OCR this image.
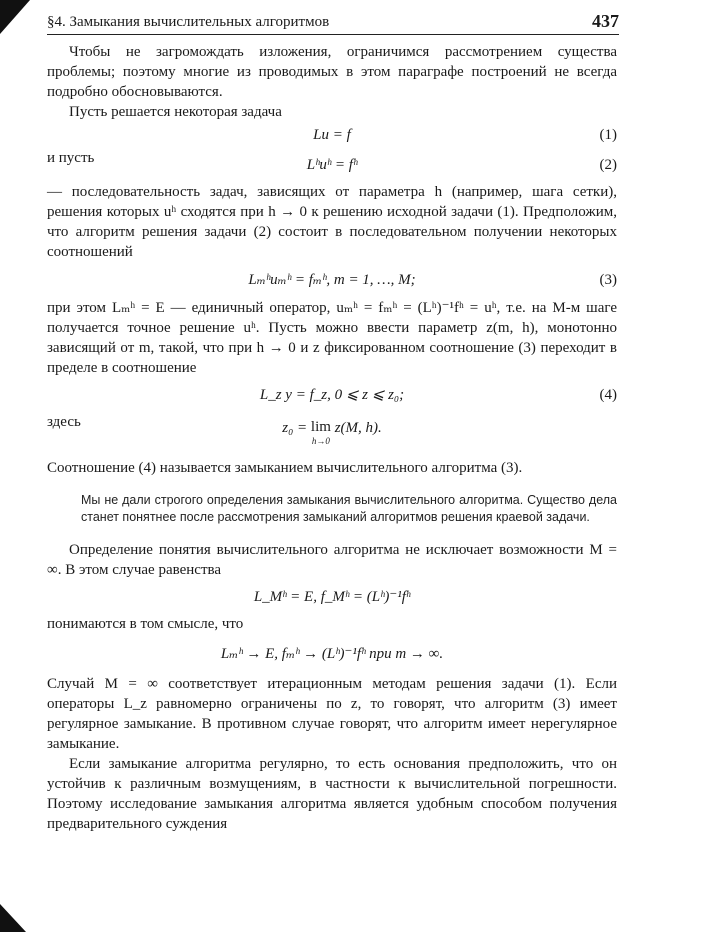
§4. Замыкания вычислительных алгоритмов	437

Чтобы не загромождать изложения, ограничимся рассмотрением существа проблемы; поэтому многие из проводимых в этом параграфе построений не всегда подробно обосновываются.

Пусть решается некоторая задача

Lu = f	(1)
и пусть	Lʰuʰ = fʰ	(2)

— последовательность задач, зависящих от параметра h (например, шага сетки), решения которых uʰ сходятся при h → 0 к решению исходной задачи (1). Предположим, что алгоритм решения задачи (2) состоит в последовательном получении некоторых соотношений

Lₘʰuₘʰ = fₘʰ, m = 1, …, M;	(3)

при этом Lₘʰ = E — единичный оператор, uₘʰ = fₘʰ = (Lʰ)⁻¹fʰ = uʰ, т.е. на M-м шаге получается точное решение uʰ. Пусть можно ввести параметр z(m, h), монотонно зависящий от m, такой, что при h → 0 и z фиксированном соотношение (3) переходит в пределе в соотношение

L_z y = f_z, 0 ⩽ z ⩽ z₀;	(4)
здесь	z₀ = lim
h→0
z(M, h).

Соотношение (4) называется замыканием вычислительного алгоритма (3).

Мы не дали строгого определения замыкания вычислительного алгоритма. Существо дела станет понятнее после рассмотрения замыканий алгоритмов решения краевой задачи.

Определение понятия вычислительного алгоритма не исключает возможности M = ∞. В этом случае равенства

L_Mʰ = E, f_Mʰ = (Lʰ)⁻¹fʰ

понимаются в том смысле, что

Lₘʰ → E, fₘʰ → (Lʰ)⁻¹fʰ при m → ∞.

Случай M = ∞ соответствует итерационным методам решения задачи (1). Если операторы L_z равномерно ограничены по z, то говорят, что алгоритм (3) имеет регулярное замыкание. В противном случае говорят, что алгоритм имеет нерегулярное замыкание.

Если замыкание алгоритма регулярно, то есть основания предположить, что он устойчив к различным возмущениям, в частности к вычислительной погрешности. Поэтому исследование замыкания алгоритма является удобным способом получения предварительного суждения
